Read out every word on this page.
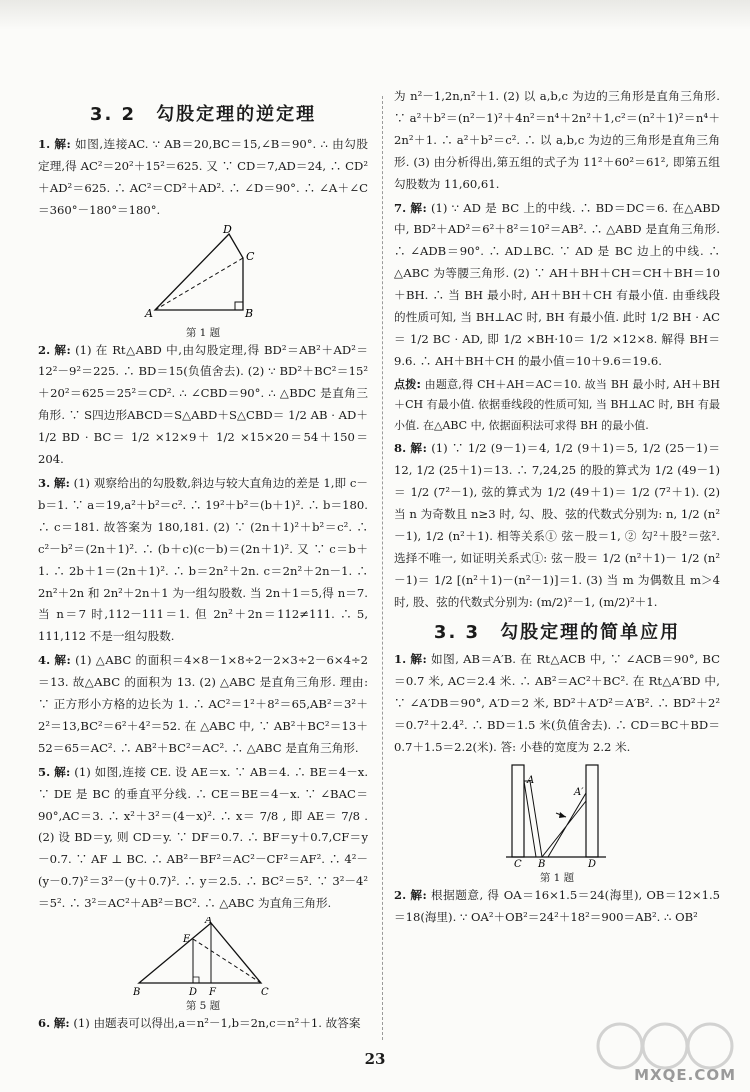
3. 2　勾股定理的逆定理
1. 解: 如图,连接AC. ∵ AB＝20,BC＝15,∠B＝90°. ∴ 由勾股定理,得 AC²＝20²＋15²＝625. 又 ∵ CD＝7,AD＝24, ∴ CD²＋AD²＝625. ∴ AC²＝CD²＋AD². ∴ ∠D＝90°. ∴ ∠A＋∠C＝360°－180°＝180°.
A	B
C
D
第 1 题
2. 解: (1) 在 Rt△ABD 中,由勾股定理,得 BD²＝AB²＋AD²＝12²－9²＝225. ∴ BD＝15(负值舍去). (2) ∵ BD²＋BC²＝15²＋20²＝625＝25²＝CD². ∴ ∠CBD＝90°. ∴ △BDC 是直角三角形. ∵ S四边形ABCD＝S△ABD＋S△CBD＝ 1/2 AB · AD＋ 1/2 BD · BC＝ 1/2 ×12×9＋ 1/2 ×15×20＝54＋150＝204.
3. 解: (1) 观察给出的勾股数,斜边与较大直角边的差是 1,即 c－b＝1. ∵ a＝19,a²＋b²＝c². ∴ 19²＋b²＝(b＋1)². ∴ b＝180. ∴ c＝181. 故答案为 180,181. (2) ∵ (2n＋1)²＋b²＝c². ∴ c²－b²＝(2n＋1)². ∴ (b＋c)(c－b)＝(2n＋1)². 又 ∵ c＝b＋1. ∴ 2b＋1＝(2n＋1)². ∴ b＝2n²＋2n. c＝2n²＋2n－1. ∴ 2n²＋2n 和 2n²＋2n＋1 为一组勾股数. 当 2n＋1＝5,得 n＝7. 当 n＝7 时,112－111＝1. 但 2n²＋2n＝112≠111. ∴ 5, 111,112 不是一组勾股数.
4. 解: (1) △ABC 的面积＝4×8－1×8÷2－2×3÷2－6×4÷2＝13. 故△ABC 的面积为 13. (2) △ABC 是直角三角形. 理由: ∵ 正方形小方格的边长为 1. ∴ AC²＝1²＋8²＝65,AB²＝3²＋2²＝13,BC²＝6²＋4²＝52. 在 △ABC 中, ∵ AB²＋BC²＝13＋52＝65＝AC². ∴ AB²＋BC²＝AC². ∴ △ABC 是直角三角形.
5. 解: (1) 如图,连接 CE. 设 AE＝x. ∵ AB＝4. ∴ BE＝4－x. ∵ DE 是 BC 的垂直平分线. ∴ CE＝BE＝4－x. ∵ ∠BAC＝90°,AC＝3. ∴ x²＋3²＝(4－x)². ∴ x＝ 7/8 , 即 AE＝ 7/8 . (2) 设 BD＝y, 则 CD＝y. ∵ DF＝0.7. ∴ BF＝y＋0.7,CF＝y－0.7. ∵ AF ⊥ BC. ∴ AB²－BF²＝AC²－CF²＝AF². ∴ 4²－(y－0.7)²＝3²－(y＋0.7)². ∴ y＝2.5. ∴ BC²＝5². ∵ 3²－4²＝5². ∴ 3²＝AC²＋AB²＝BC². ∴ △ABC 为直角三角形.
A
B	C
D
E
F
第 5 题
6. 解: (1) 由题表可以得出,a＝n²－1,b＝2n,c＝n²＋1. 故答案
为 n²－1,2n,n²＋1. (2) 以 a,b,c 为边的三角形是直角三角形. ∵ a²＋b²＝(n²－1)²＋4n²＝n⁴＋2n²＋1,c²＝(n²＋1)²＝n⁴＋2n²＋1. ∴ a²＋b²＝c². ∴ 以 a,b,c 为边的三角形是直角三角形. (3) 由分析得出,第五组的式子为 11²＋60²＝61², 即第五组勾股数为 11,60,61.
7. 解: (1) ∵ AD 是 BC 上的中线. ∴ BD＝DC＝6. 在△ABD 中, BD²＋AD²＝6²＋8²＝10²＝AB². ∴ △ABD 是直角三角形. ∴ ∠ADB＝90°. ∴ AD⊥BC. ∵ AD 是 BC 边上的中线. ∴ △ABC 为等腰三角形. (2) ∵ AH＋BH＋CH＝CH＋BH＝10＋BH. ∴ 当 BH 最小时, AH＋BH＋CH 有最小值. 由垂线段的性质可知, 当 BH⊥AC 时, BH 有最小值. 此时 1/2 BH · AC＝ 1/2 BC · AD, 即 1/2 ×BH·10＝ 1/2 ×12×8. 解得 BH＝9.6. ∴ AH＋BH＋CH 的最小值＝10＋9.6＝19.6.
点拨: 由题意,得 CH＋AH＝AC＝10. 故当 BH 最小时, AH＋BH＋CH 有最小值. 依据垂线段的性质可知, 当 BH⊥AC 时, BH 有最小值. 在△ABC 中, 依据面积法可求得 BH 的最小值.
8. 解: (1) ∵ 1/2 (9－1)＝4, 1/2 (9＋1)＝5, 1/2 (25－1)＝12, 1/2 (25＋1)＝13. ∴ 7,24,25 的股的算式为 1/2 (49－1)＝ 1/2 (7²－1), 弦的算式为 1/2 (49＋1)＝ 1/2 (7²＋1). (2) 当 n 为奇数且 n≥3 时, 勾、股、弦的代数式分别为: n, 1/2 (n²－1), 1/2 (n²＋1). 相等关系① 弦－股＝1, ② 勾²＋股²＝弦². 选择不唯一, 如证明关系式①: 弦－股＝ 1/2 (n²＋1)－ 1/2 (n²－1)＝ 1/2 [(n²＋1)－(n²－1)]＝1. (3) 当 m 为偶数且 m＞4 时, 股、弦的代数式分别为: (m/2)²－1, (m/2)²＋1.
3. 3　勾股定理的简单应用
1. 解: 如图, AB＝A′B. 在 Rt△ACB 中, ∵ ∠ACB＝90°, BC＝0.7 米, AC＝2.4 米. ∴ AB²＝AC²＋BC². 在 Rt△A′BD 中, ∵ ∠A′DB＝90°, A′D＝2 米, BD²＋A′D²＝A′B². ∴ BD²＋2²＝0.7²＋2.4². ∴ BD＝1.5 米(负值舍去). ∴ CD＝BC＋BD＝0.7＋1.5＝2.2(米). 答: 小巷的宽度为 2.2 米.
A
A′
C B	D
第 1 题
2. 解: 根据题意, 得 OA＝16×1.5＝24(海里), OB＝12×1.5＝18(海里). ∵ OA²＋OB²＝24²＋18²＝900＝AB². ∴ OB²
23
MXQE.COM
